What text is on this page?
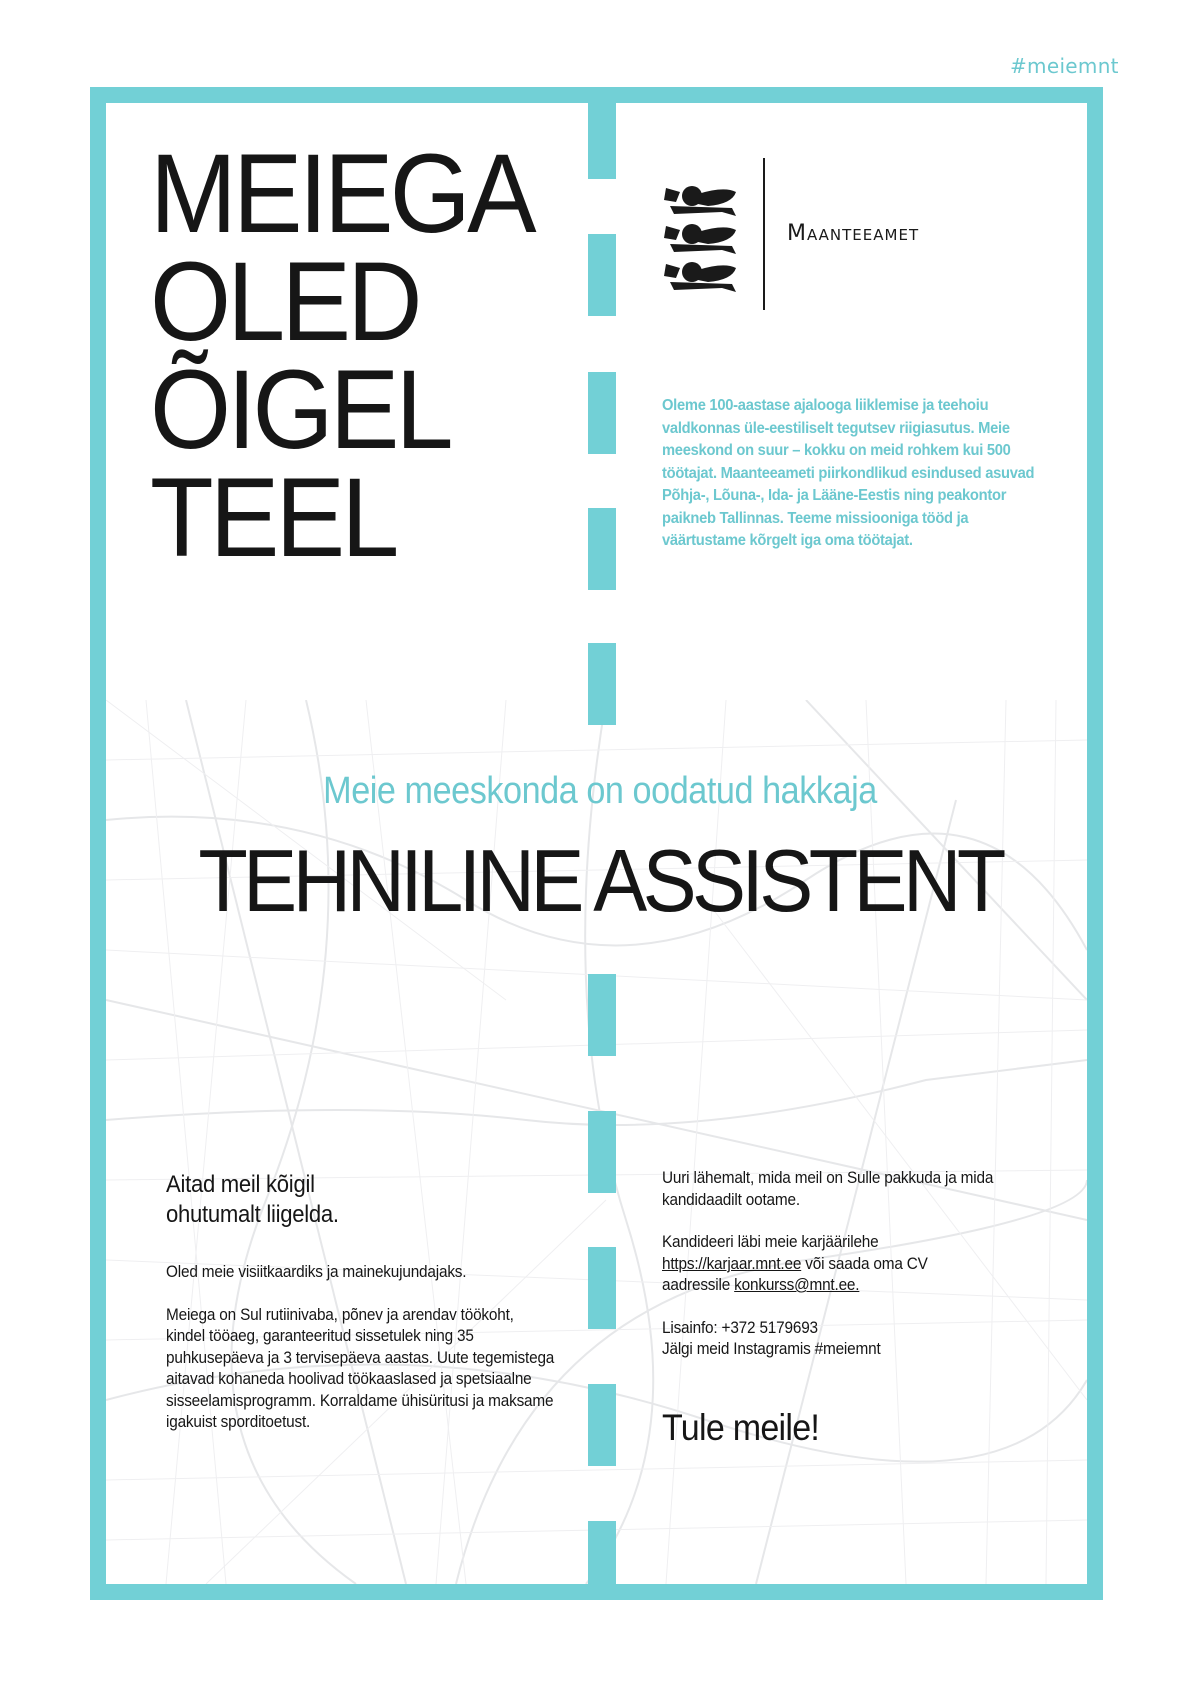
#meiemnt
MEIEGA
OLED
ÕIGEL
TEEL
Maanteeamet
Oleme 100-aastase ajalooga liiklemise ja teehoiu valdkonnas üle-eestiliselt tegutsev riigiasutus. Meie meeskond on suur – kokku on meid rohkem kui 500 töötajat. Maanteeameti piirkondlikud esindused asuvad Põhja-, Lõuna-, Ida- ja Lääne-Eestis ning peakontor paikneb Tallinnas. Teeme missiooniga tööd ja väärtustame kõrgelt iga oma töötajat.
Meie meeskonda on oodatud hakkaja
TEHNILINE ASSISTENT
Aitad meil kõigil
ohutumalt liigelda.

Oled meie visiitkaardiks ja mainekujundajaks.

Meiega on Sul rutiinivaba, põnev ja arendav töökoht, kindel tööaeg, garanteeritud sissetulek ning 35 puhkusepäeva ja 3 tervisepäeva aastas. Uute tegemistega aitavad kohaneda hoolivad töökaaslased ja spetsiaalne sisseelamisprogramm. Korraldame ühisüritusi ja maksame igakuist sporditoetust.

Uuri lähemalt, mida meil on Sulle pakkuda ja mida kandidaadilt ootame.

Kandideeri läbi meie karjäärilehe https://karjaar.mnt.ee või saada oma CV aadressile konkurss@mnt.ee.

Lisainfo: +372 5179693
Jälgi meid Instagramis #meiemnt

Tule meile!
